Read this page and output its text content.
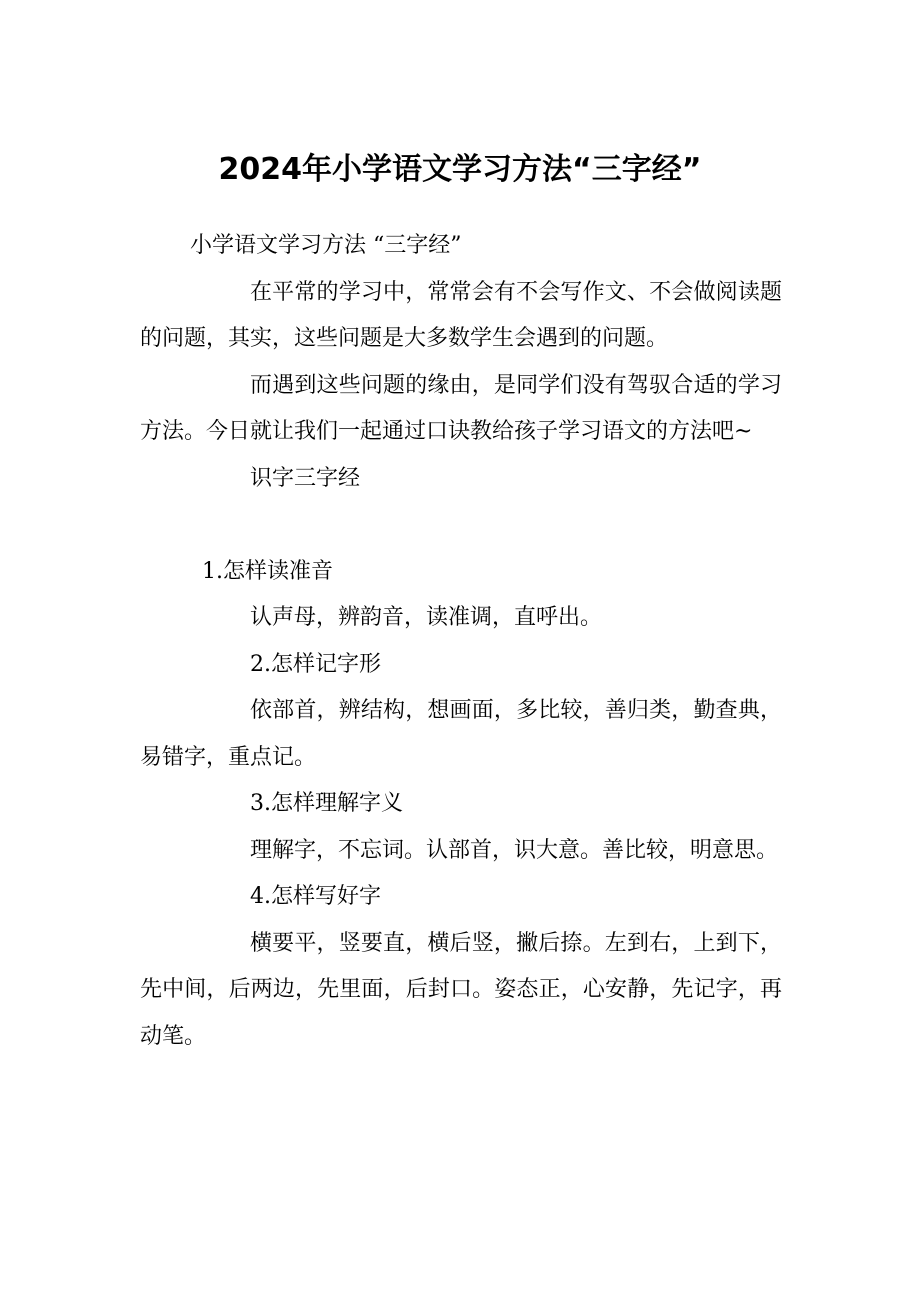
2024年小学语文学习方法“三字经”

小学语文学习方法 “三字经”

在平常的学习中，常常会有不会写作文、不会做阅读题的问题，其实，这些问题是大多数学生会遇到的问题。

而遇到这些问题的缘由，是同学们没有驾驭合适的学习方法。今日就让我们一起通过口诀教给孩子学习语文的方法吧~

识字三字经

1.怎样读准音

认声母，辨韵音，读准调，直呼出。

2.怎样记字形

依部首，辨结构，想画面，多比较，善归类，勤查典，易错字，重点记。

3.怎样理解字义

理解字，不忘词。认部首，识大意。善比较，明意思。

4.怎样写好字

横要平，竖要直，横后竖，撇后捺。左到右，上到下，先中间，后两边，先里面，后封口。姿态正，心安静，先记字，再动笔。
